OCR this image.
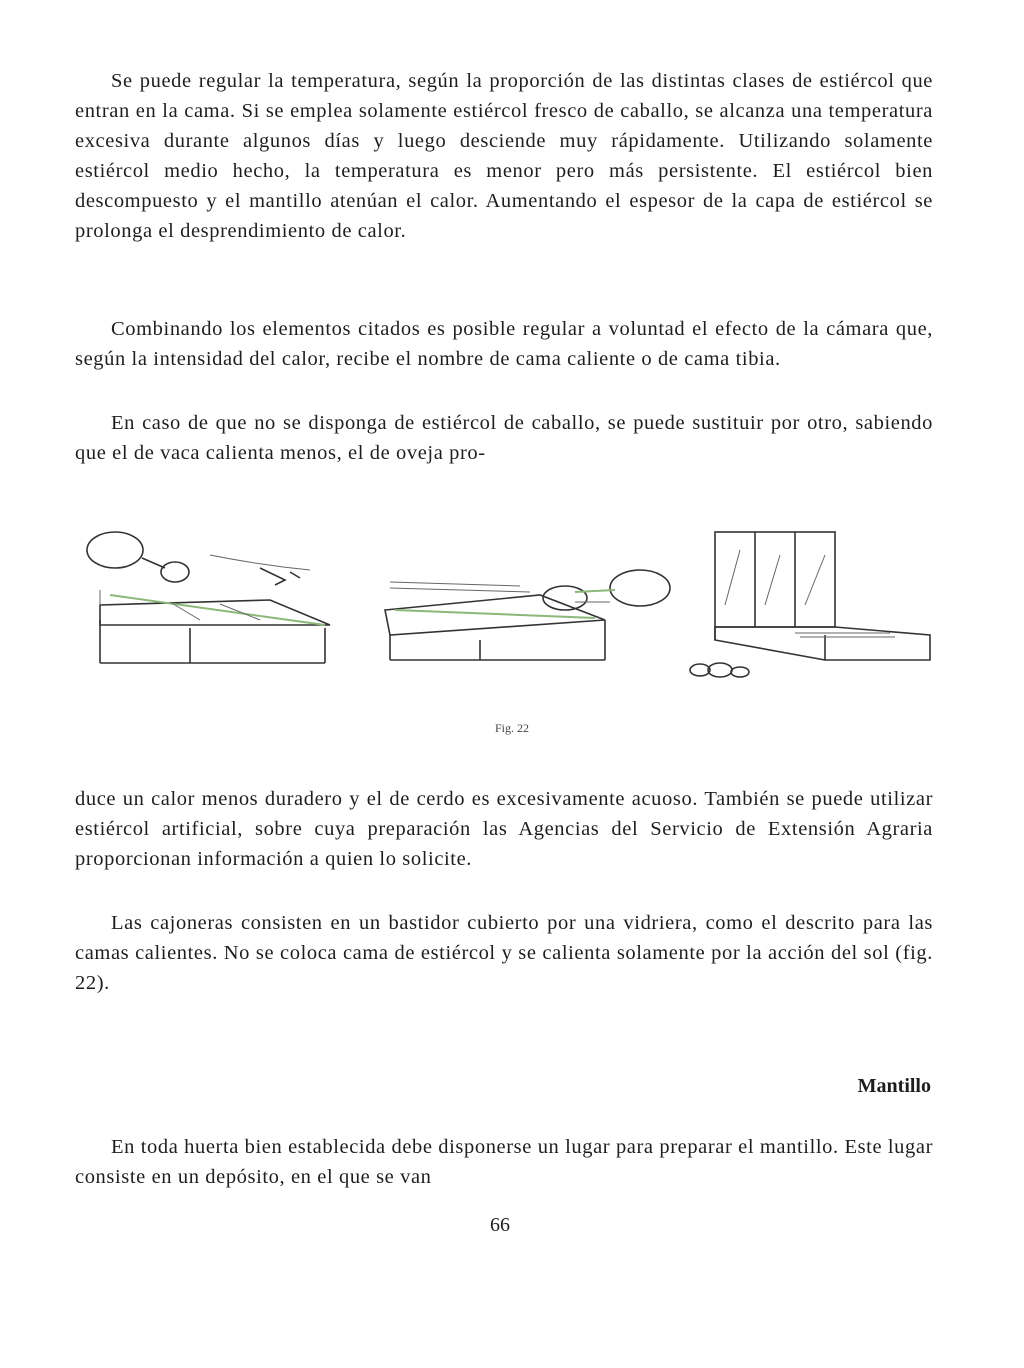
Se puede regular la temperatura, según la proporción de las distintas clases de estiércol que entran en la cama. Si se emplea solamente estiércol fresco de caballo, se alcanza una temperatura excesiva durante algunos días y luego desciende muy rápidamente. Utilizando solamente estiércol medio hecho, la temperatura es menor pero más persistente. El estiércol bien descompuesto y el mantillo atenúan el calor. Aumentando el espesor de la capa de estiércol se prolonga el desprendimiento de calor.

Combinando los elementos citados es posible regular a voluntad el efecto de la cámara que, según la intensidad del calor, recibe el nombre de cama caliente o de cama tibia.

En caso de que no se disponga de estiércol de caballo, se puede sustituir por otro, sabiendo que el de vaca calienta menos, el de oveja pro-

Fig. 22

duce un calor menos duradero y el de cerdo es excesivamente acuoso. También se puede utilizar estiércol artificial, sobre cuya preparación las Agencias del Servicio de Extensión Agraria proporcionan información a quien lo solicite.

Las cajoneras consisten en un bastidor cubierto por una vidriera, como el descrito para las camas calientes. No se coloca cama de estiércol y se calienta solamente por la acción del sol (fig. 22).

Mantillo

En toda huerta bien establecida debe disponerse un lugar para preparar el mantillo. Este lugar consiste en un depósito, en el que se van

66
